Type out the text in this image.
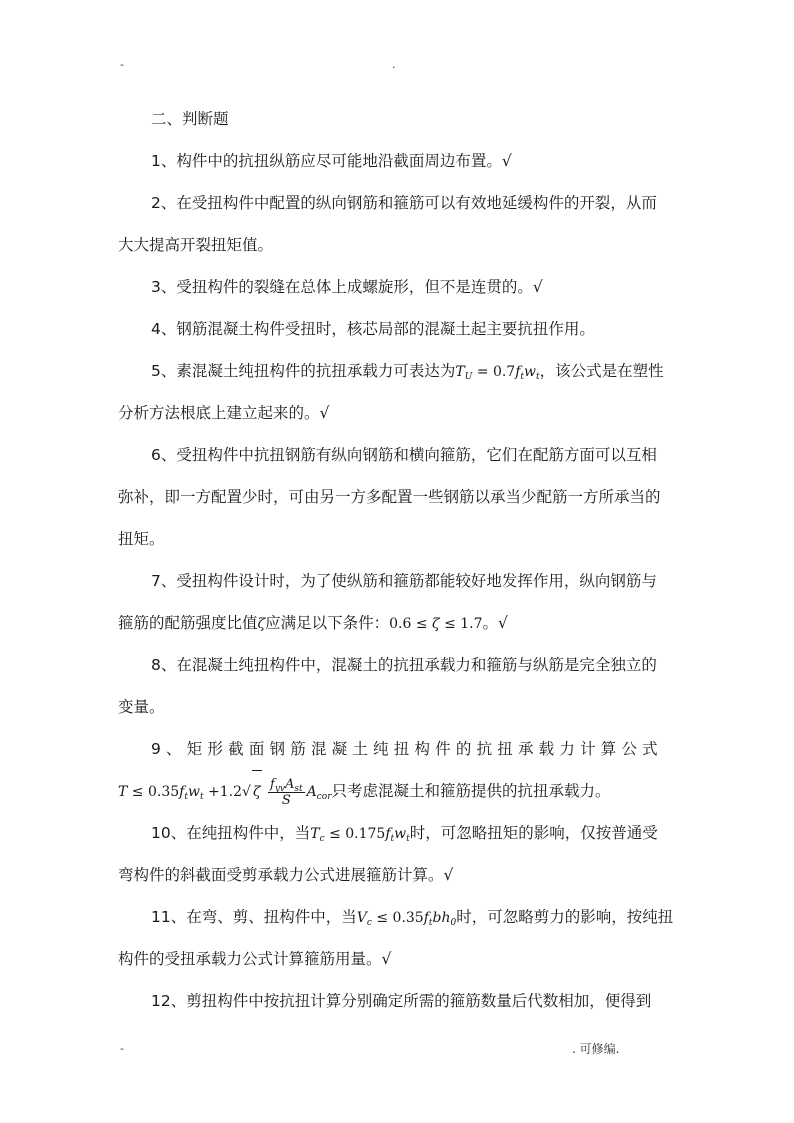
-	.
二、判断题
1、构件中的抗扭纵筋应尽可能地沿截面周边布置。√
2、在受扭构件中配置的纵向钢筋和箍筋可以有效地延缓构件的开裂，从而
大大提高开裂扭矩值。
3、受扭构件的裂缝在总体上成螺旋形，但不是连贯的。√
4、钢筋混凝土构件受扭时，核芯局部的混凝土起主要抗扭作用。
5、素混凝土纯扭构件的抗扭承载力可表达为$T_U = 0.7f_tw_t$，该公式是在塑性
分析方法根底上建立起来的。√
6、受扭构件中抗扭钢筋有纵向钢筋和横向箍筋，它们在配筋方面可以互相
弥补，即一方配置少时，可由另一方多配置一些钢筋以承当少配筋一方所承当的
扭矩。
7、受扭构件设计时，为了使纵筋和箍筋都能较好地发挥作用，纵向钢筋与
箍筋的配筋强度比值ζ应满足以下条件：0.6 ≤ ζ ≤ 1.7。√
8、在混凝土纯扭构件中，混凝土的抗扭承载力和箍筋与纵筋是完全独立的
变量。
9、矩形截面钢筋混凝土纯扭构件的抗扭承载力计算公式
$T \le 0.35f_tw_t +1.2√$ ζ $\frac{f_{yv}A_{st}}{S} A_{cor}$只考虑混凝土和箍筋提供的抗扭承载力。
10、在纯扭构件中，当$T_c \le 0.175f_tw_t$时，可忽略扭矩的影响，仅按普通受
弯构件的斜截面受剪承载力公式进展箍筋计算。√
11、在弯、剪、扭构件中，当$V_c \le 0.35f_tbh_0$时，可忽略剪力的影响，按纯扭
构件的受扭承载力公式计算箍筋用量。√
12、剪扭构件中按抗扭计算分别确定所需的箍筋数量后代数相加，便得到
-	. 可修编.
